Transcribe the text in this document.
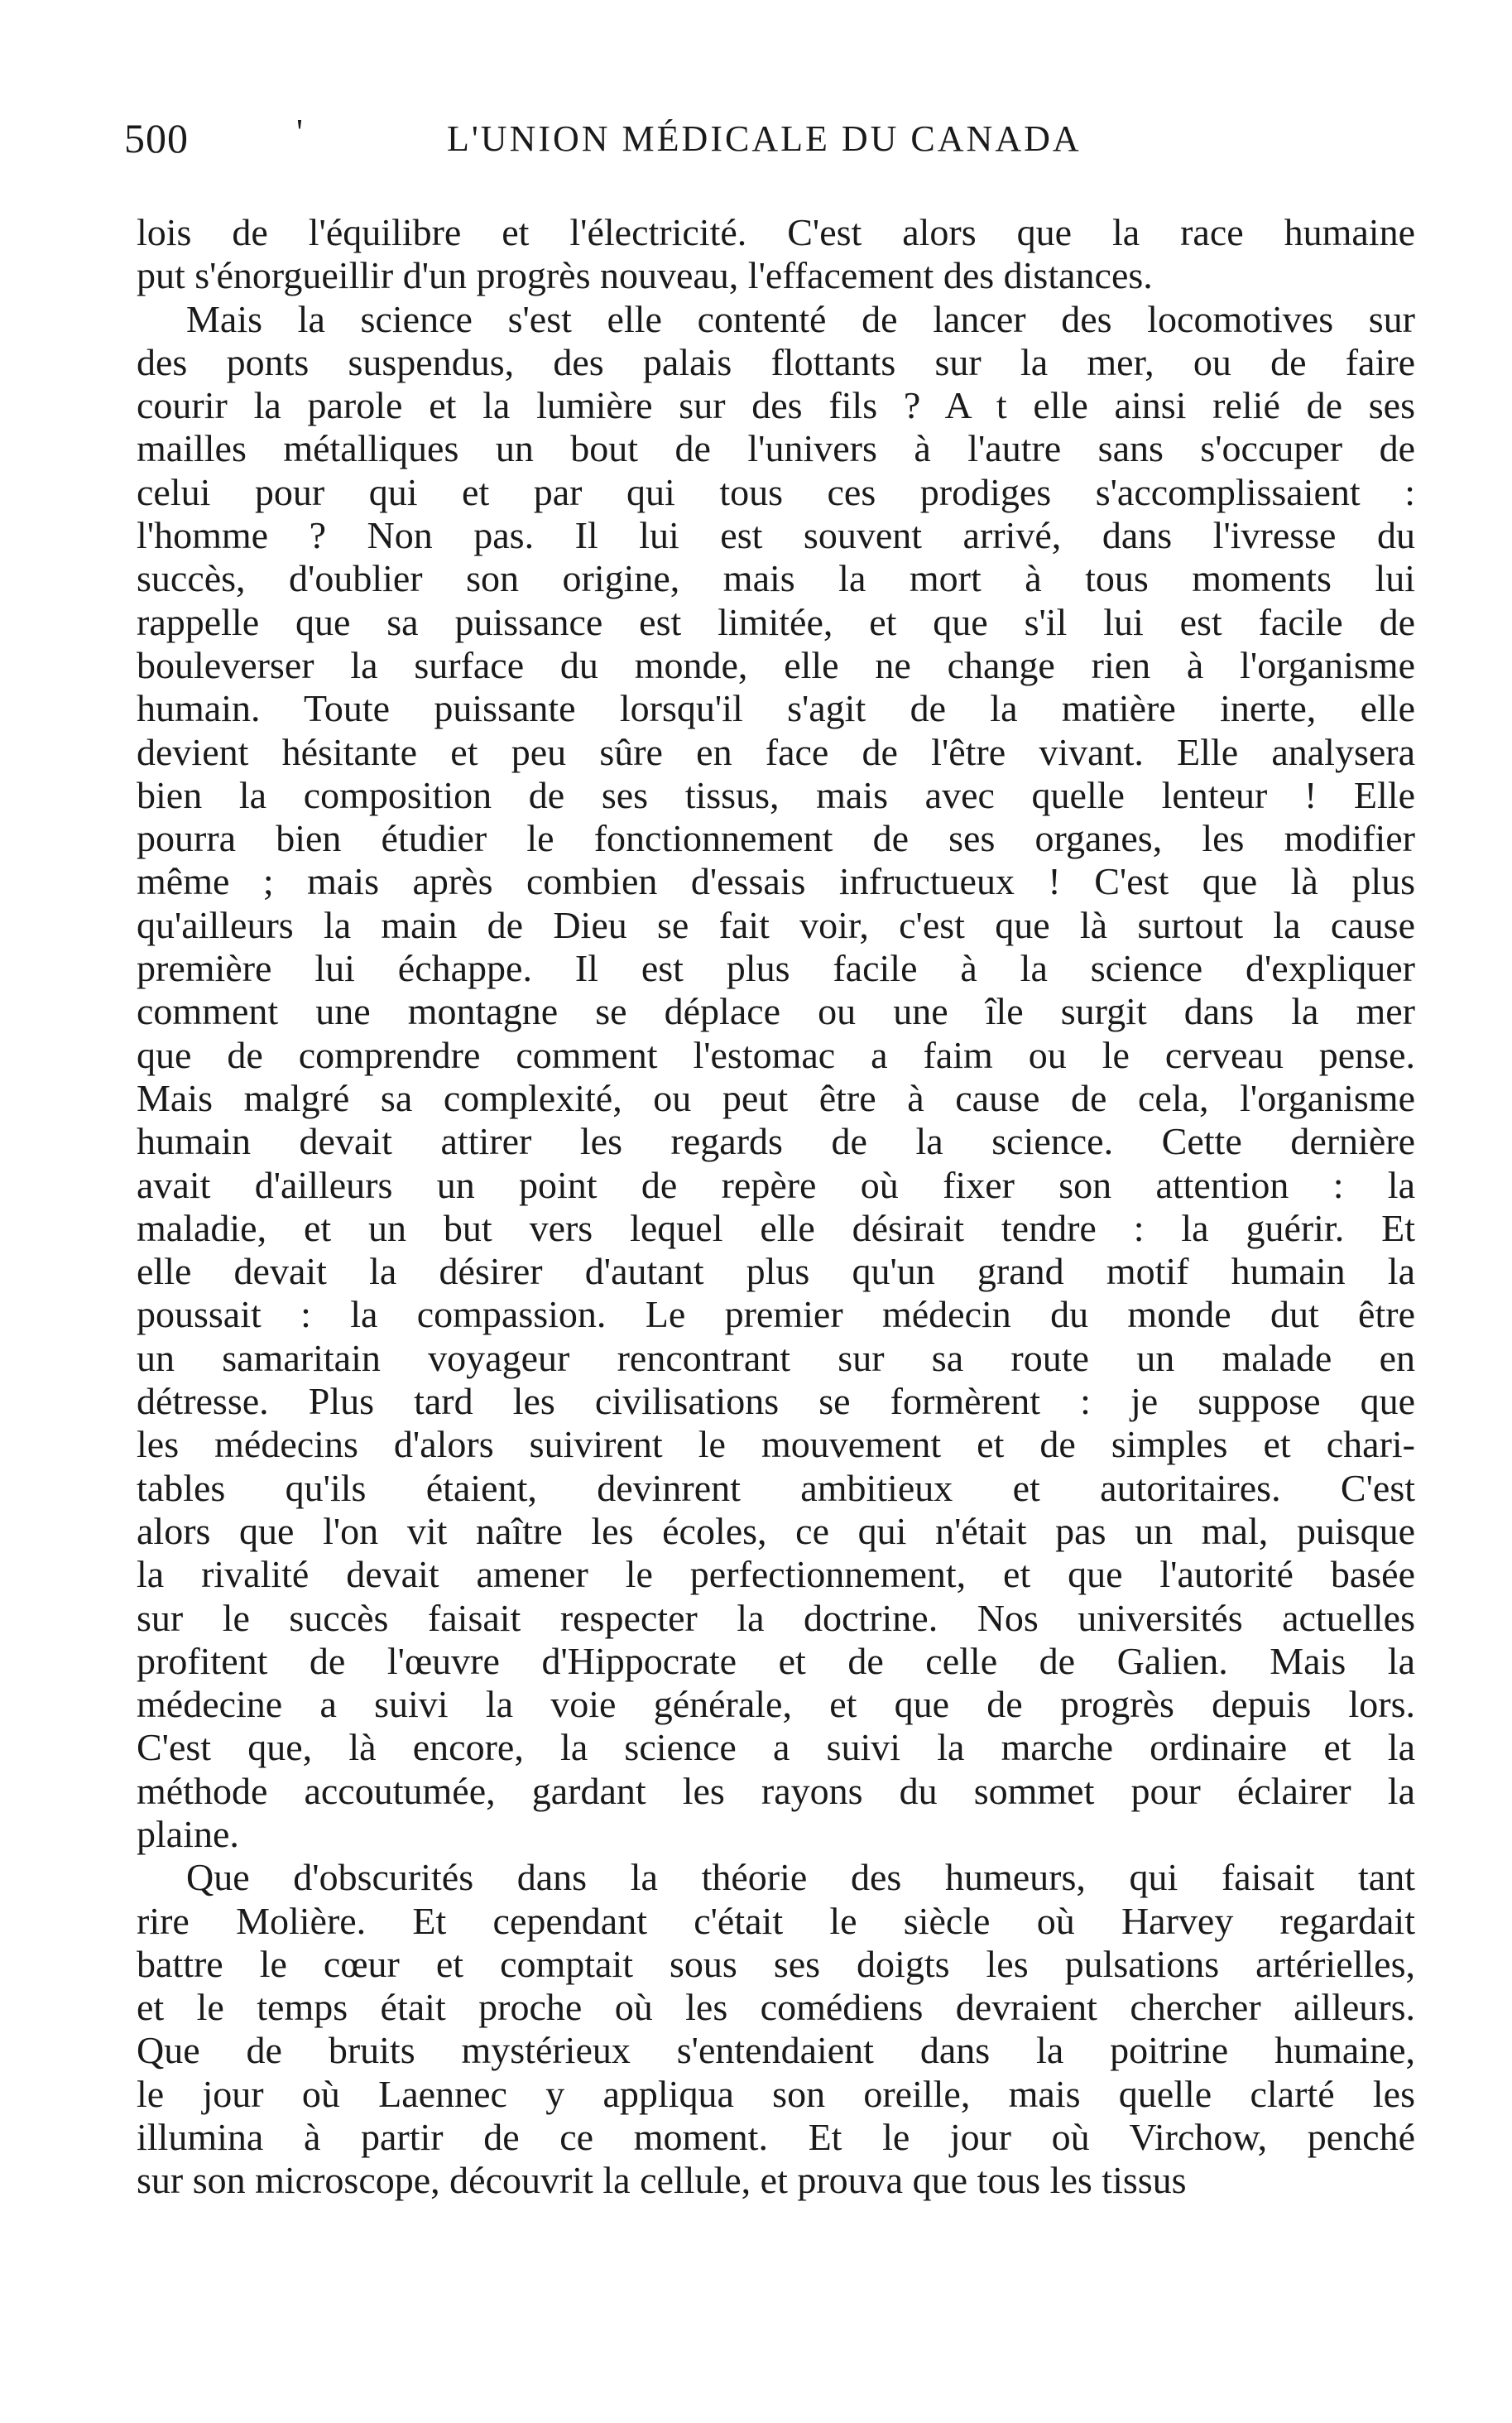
500	'	L'UNION MÉDICALE DU CANADA
lois de l'équilibre et l'électricité. C'est alors que la race humaine
put s'énorgueillir d'un progrès nouveau, l'effacement des distances.
Mais la science s'est elle contenté de lancer des locomotives sur
des ponts suspendus, des palais flottants sur la mer, ou de faire
courir la parole et la lumière sur des fils ? A t elle ainsi relié de ses
mailles métalliques un bout de l'univers à l'autre sans s'occuper de
celui pour qui et par qui tous ces prodiges s'accomplissaient :
l'homme ? Non pas. Il lui est souvent arrivé, dans l'ivresse du
succès, d'oublier son origine, mais la mort à tous moments lui
rappelle que sa puissance est limitée, et que s'il lui est facile de
bouleverser la surface du monde, elle ne change rien à l'organisme
humain. Toute puissante lorsqu'il s'agit de la matière inerte, elle
devient hésitante et peu sûre en face de l'être vivant. Elle analysera
bien la composition de ses tissus, mais avec quelle lenteur ! Elle
pourra bien étudier le fonctionnement de ses organes, les modifier
même ; mais après combien d'essais infructueux ! C'est que là plus
qu'ailleurs la main de Dieu se fait voir, c'est que là surtout la cause
première lui échappe. Il est plus facile à la science d'expliquer
comment une montagne se déplace ou une île surgit dans la mer
que de comprendre comment l'estomac a faim ou le cerveau pense.
Mais malgré sa complexité, ou peut être à cause de cela, l'organisme
humain devait attirer les regards de la science. Cette dernière
avait d'ailleurs un point de repère où fixer son attention : la
maladie, et un but vers lequel elle désirait tendre : la guérir. Et
elle devait la désirer d'autant plus qu'un grand motif humain la
poussait : la compassion. Le premier médecin du monde dut être
un samaritain voyageur rencontrant sur sa route un malade en
détresse. Plus tard les civilisations se formèrent : je suppose que
les médecins d'alors suivirent le mouvement et de simples et chari-
tables qu'ils étaient, devinrent ambitieux et autoritaires. C'est
alors que l'on vit naître les écoles, ce qui n'était pas un mal, puisque
la rivalité devait amener le perfectionnement, et que l'autorité basée
sur le succès faisait respecter la doctrine. Nos universités actuelles
profitent de l'œuvre d'Hippocrate et de celle de Galien. Mais la
médecine a suivi la voie générale, et que de progrès depuis lors.
C'est que, là encore, la science a suivi la marche ordinaire et la
méthode accoutumée, gardant les rayons du sommet pour éclairer la
plaine.
Que d'obscurités dans la théorie des humeurs, qui faisait tant
rire Molière. Et cependant c'était le siècle où Harvey regardait
battre le cœur et comptait sous ses doigts les pulsations artérielles,
et le temps était proche où les comédiens devraient chercher ailleurs.
Que de bruits mystérieux s'entendaient dans la poitrine humaine,
le jour où Laennec y appliqua son oreille, mais quelle clarté les
illumina à partir de ce moment. Et le jour où Virchow, penché
sur son microscope, découvrit la cellule, et prouva que tous les tissus
